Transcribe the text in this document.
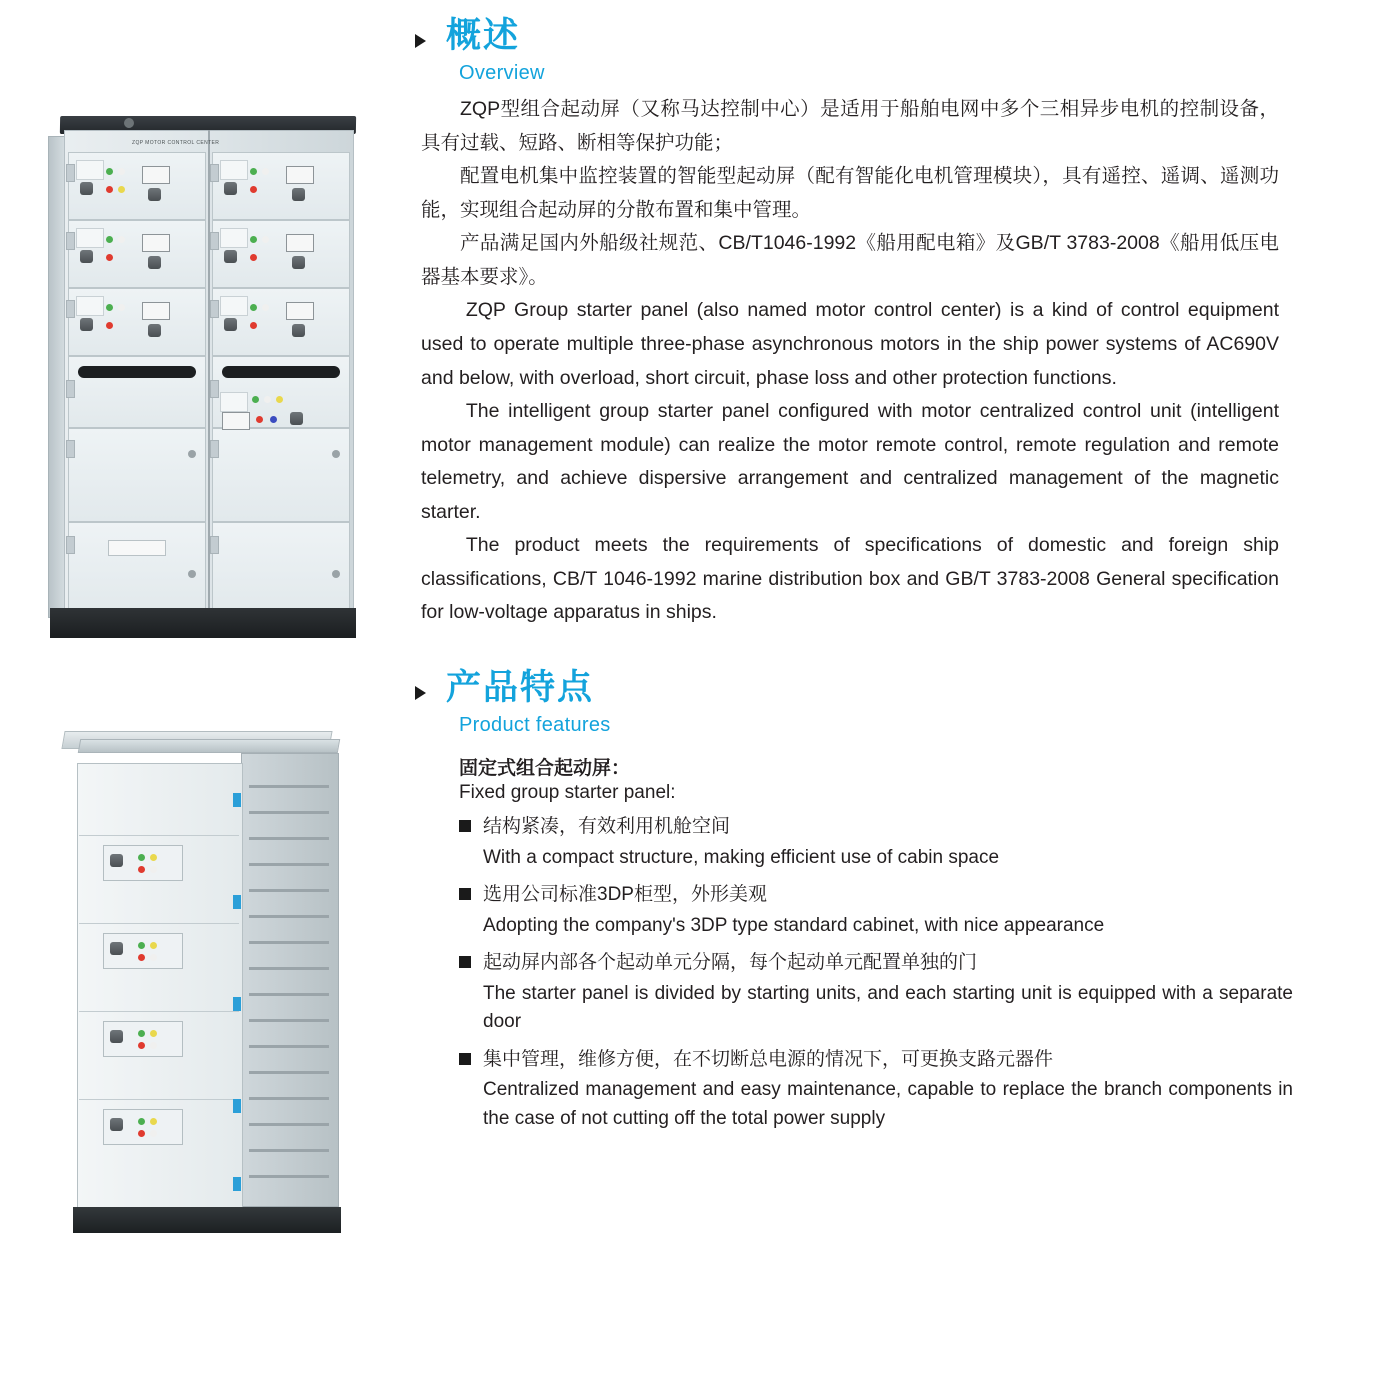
ZQP MOTOR CONTROL CENTER
概述
Overview

ZQP型组合起动屏（又称马达控制中心）是适用于船舶电网中多个三相异步电机的控制设备，具有过载、短路、断相等保护功能；

配置电机集中监控装置的智能型起动屏（配有智能化电机管理模块），具有遥控、遥调、遥测功能，实现组合起动屏的分散布置和集中管理。

产品满足国内外船级社规范、CB/T1046-1992《船用配电箱》及GB/T 3783-2008《船用低压电器基本要求》。

ZQP Group starter panel (also named motor control center) is a kind of control equipment used to operate multiple three-phase asynchronous motors in the ship power systems of AC690V and below, with overload, short circuit, phase loss and other protection functions.

The intelligent group starter panel configured with motor centralized control unit (intelligent motor management module) can realize the motor remote control, remote regulation and remote telemetry, and achieve dispersive arrangement and centralized management of the magnetic starter.

The product meets the requirements of specifications of domestic and foreign ship classifications, CB/T 1046-1992 marine distribution box and GB/T 3783-2008 General specification for low-voltage apparatus in ships.

产品特点
Product features
固定式组合起动屏：
Fixed group starter panel:
结构紧凑，有效利用机舱空间
With a compact structure, making efficient use of cabin space
选用公司标准3DP柜型，外形美观
Adopting the company's 3DP type standard cabinet, with nice appearance
起动屏内部各个起动单元分隔，每个起动单元配置单独的门
The starter panel is divided by starting units, and each starting unit is equipped with a separate door
集中管理，维修方便，在不切断总电源的情况下，可更换支路元器件
Centralized management and easy maintenance, capable to replace the branch components in the case of not cutting off the total power supply
